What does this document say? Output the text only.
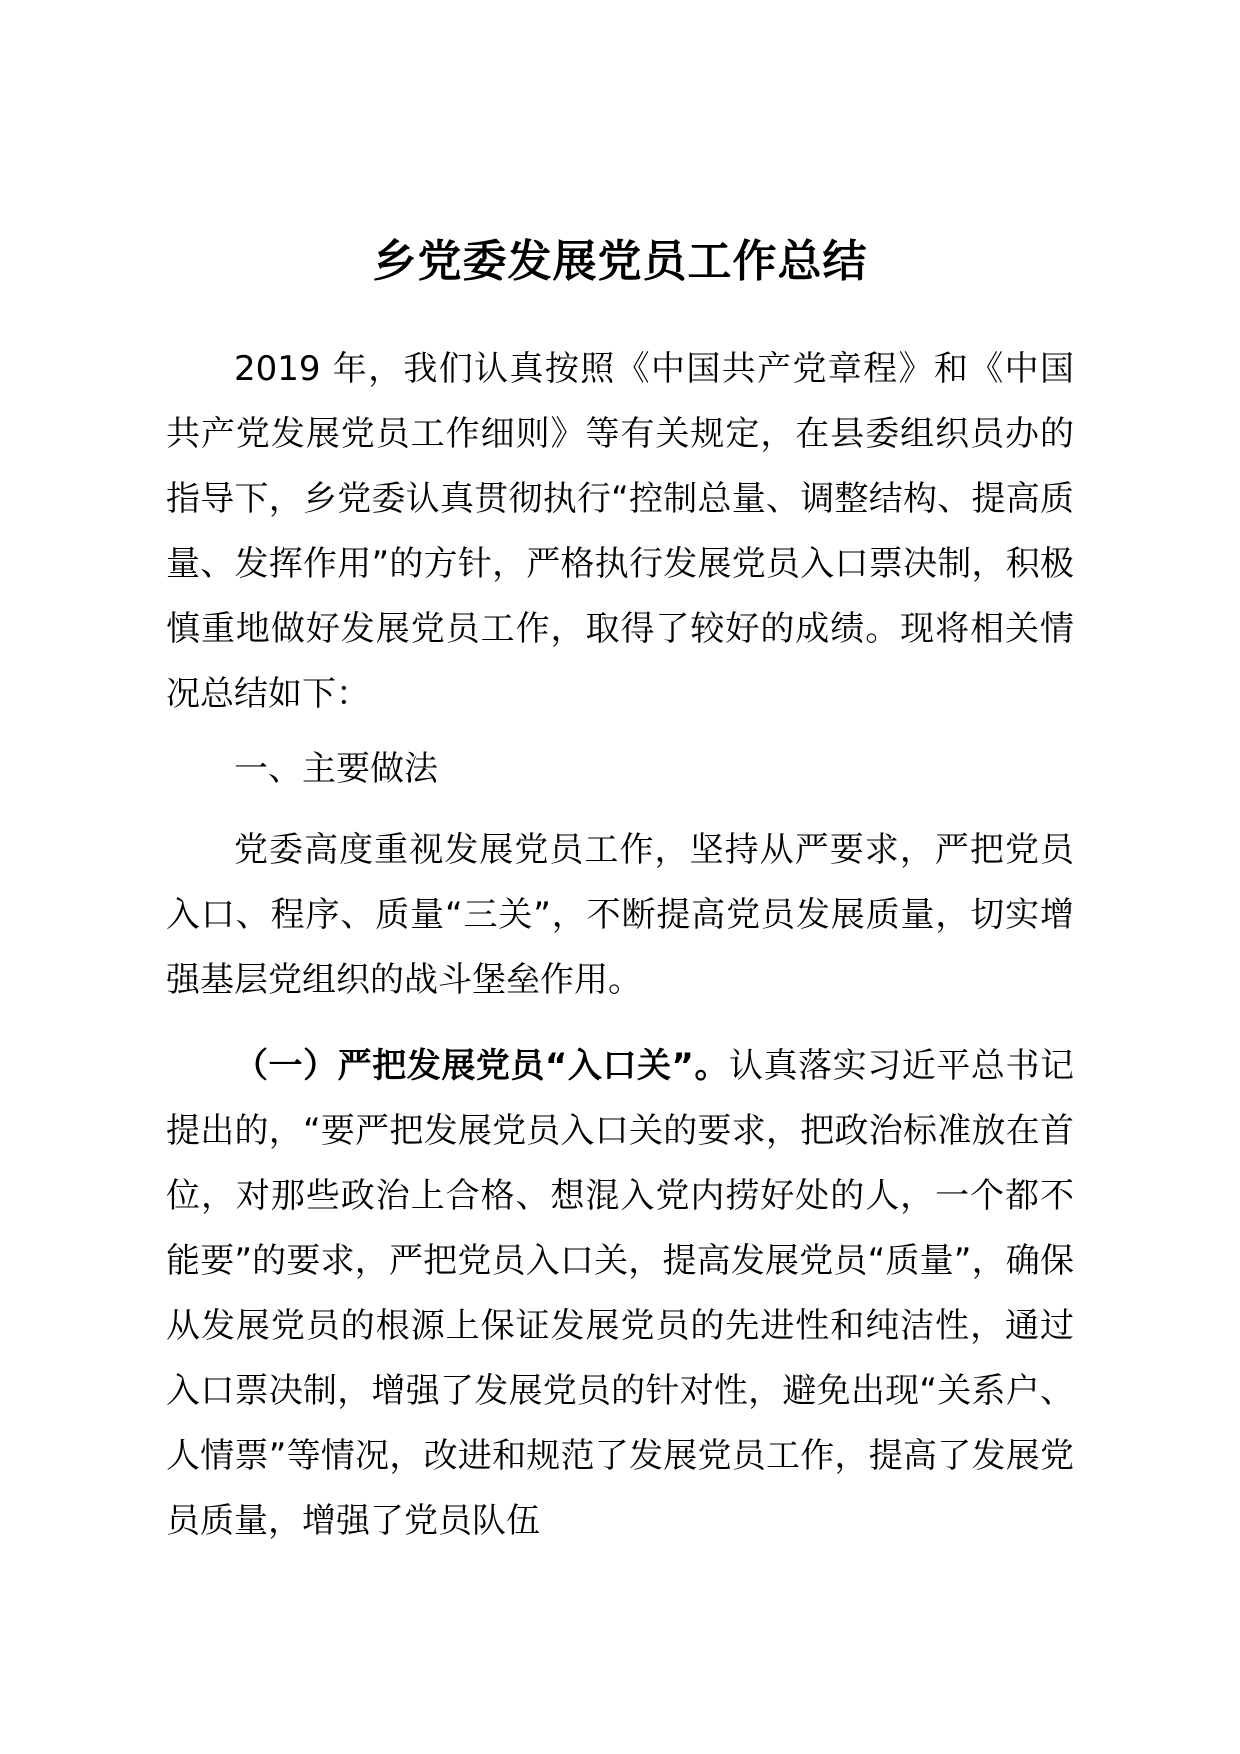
乡党委发展党员工作总结

2019 年，我们认真按照《中国共产党章程》和《中国共产党发展党员工作细则》等有关规定，在县委组织员办的指导下，乡党委认真贯彻执行“控制总量、调整结构、提高质量、发挥作用”的方针，严格执行发展党员入口票决制，积极慎重地做好发展党员工作，取得了较好的成绩。现将相关情况总结如下：

一、主要做法

党委高度重视发展党员工作，坚持从严要求，严把党员入口、程序、质量“三关”，不断提高党员发展质量，切实增强基层党组织的战斗堡垒作用。

（一）严把发展党员“入口关”。认真落实习近平总书记提出的，“要严把发展党员入口关的要求，把政治标准放在首位，对那些政治上合格、想混入党内捞好处的人，一个都不能要”的要求，严把党员入口关，提高发展党员“质量”，确保从发展党员的根源上保证发展党员的先进性和纯洁性，通过入口票决制，增强了发展党员的针对性，避免出现“关系户、人情票”等情况，改进和规范了发展党员工作，提高了发展党员质量，增强了党员队伍
